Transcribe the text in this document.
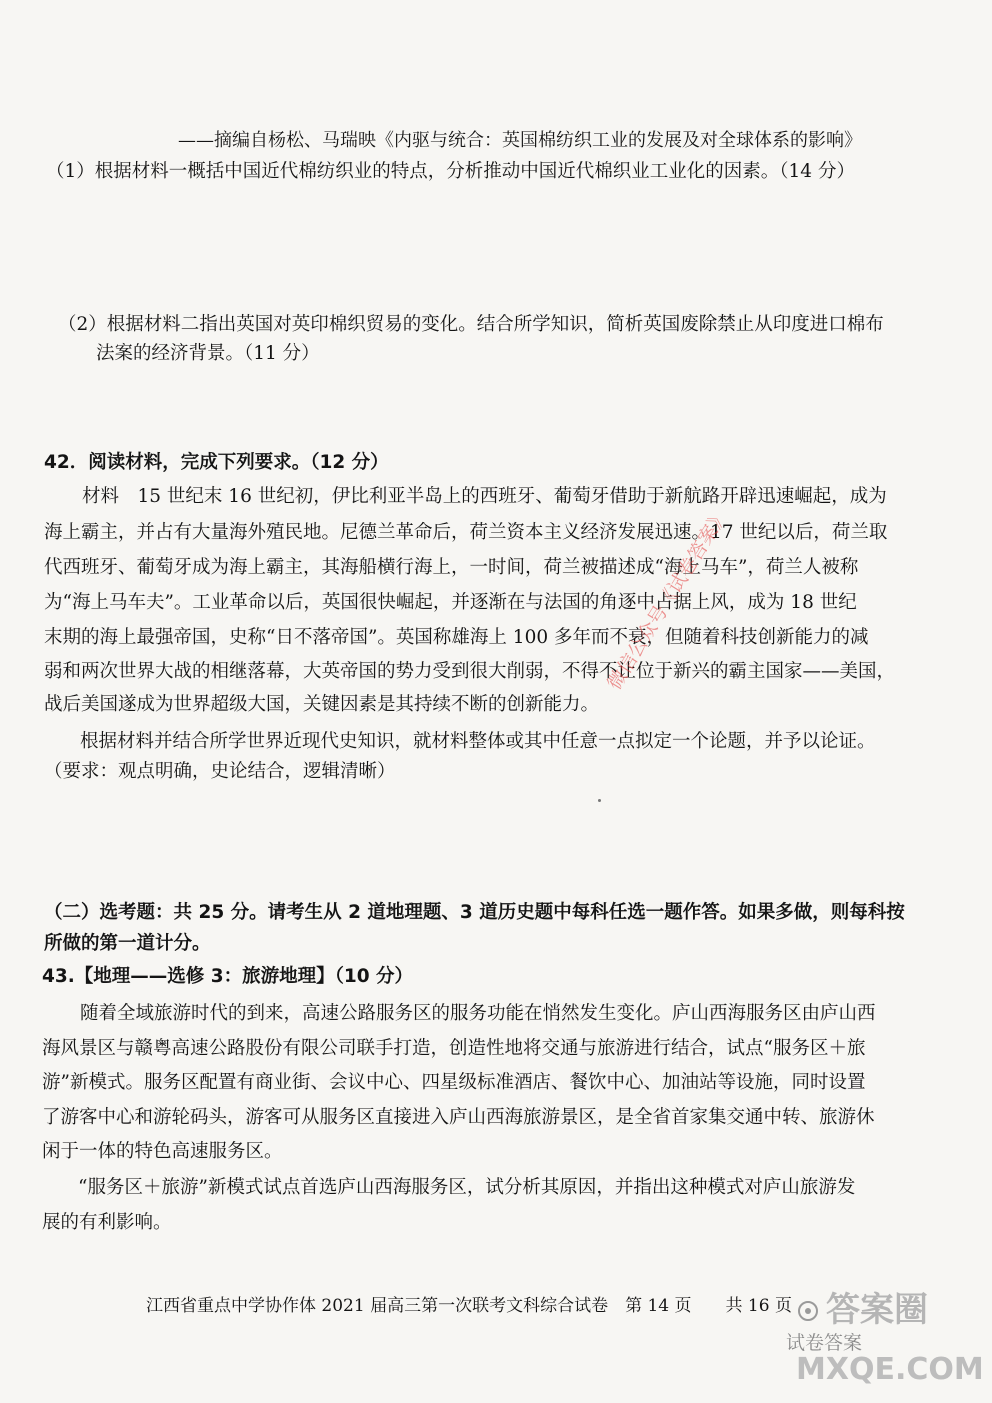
——摘编自杨松、马瑞映《内驱与统合：英国棉纺织工业的发展及对全球体系的影响》
（1）根据材料一概括中国近代棉纺织业的特点，分析推动中国近代棉织业工业化的因素。（14 分）
（2）根据材料二指出英国对英印棉织贸易的变化。结合所学知识，简析英国废除禁止从印度进口棉布
法案的经济背景。（11 分）
42．阅读材料，完成下列要求。（12 分）
材料　15 世纪末 16 世纪初，伊比利亚半岛上的西班牙、葡萄牙借助于新航路开辟迅速崛起，成为
海上霸主，并占有大量海外殖民地。尼德兰革命后，荷兰资本主义经济发展迅速。17 世纪以后，荷兰取
代西班牙、葡萄牙成为海上霸主，其海船横行海上，一时间，荷兰被描述成“海上马车”，荷兰人被称
为“海上马车夫”。工业革命以后，英国很快崛起，并逐渐在与法国的角逐中占据上风，成为 18 世纪
末期的海上最强帝国，史称“日不落帝国”。英国称雄海上 100 多年而不衰，但随着科技创新能力的减
弱和两次世界大战的相继落幕，大英帝国的势力受到很大削弱，不得不让位于新兴的霸主国家——美国，
战后美国遂成为世界超级大国，关键因素是其持续不断的创新能力。
根据材料并结合所学世界近现代史知识，就材料整体或其中任意一点拟定一个论题，并予以论证。
（要求：观点明确，史论结合，逻辑清晰）
微信公众号《试卷答案》
（二）选考题：共 25 分。请考生从 2 道地理题、3 道历史题中每科任选一题作答。如果多做，则每科按
所做的第一道计分。
43.【地理——选修 3：旅游地理】（10 分）
随着全域旅游时代的到来，高速公路服务区的服务功能在悄然发生变化。庐山西海服务区由庐山西
海风景区与赣粤高速公路股份有限公司联手打造，创造性地将交通与旅游进行结合，试点“服务区＋旅
游”新模式。服务区配置有商业街、会议中心、四星级标准酒店、餐饮中心、加油站等设施，同时设置
了游客中心和游轮码头，游客可从服务区直接进入庐山西海旅游景区，是全省首家集交通中转、旅游休
闲于一体的特色高速服务区。
“服务区＋旅游”新模式试点首选庐山西海服务区，试分析其原因，并指出这种模式对庐山旅游发
展的有利影响。
江西省重点中学协作体 2021 届高三第一次联考文科综合试卷　第 14 页　　共 16 页 答案圈
试卷答案
MXQE.COM
